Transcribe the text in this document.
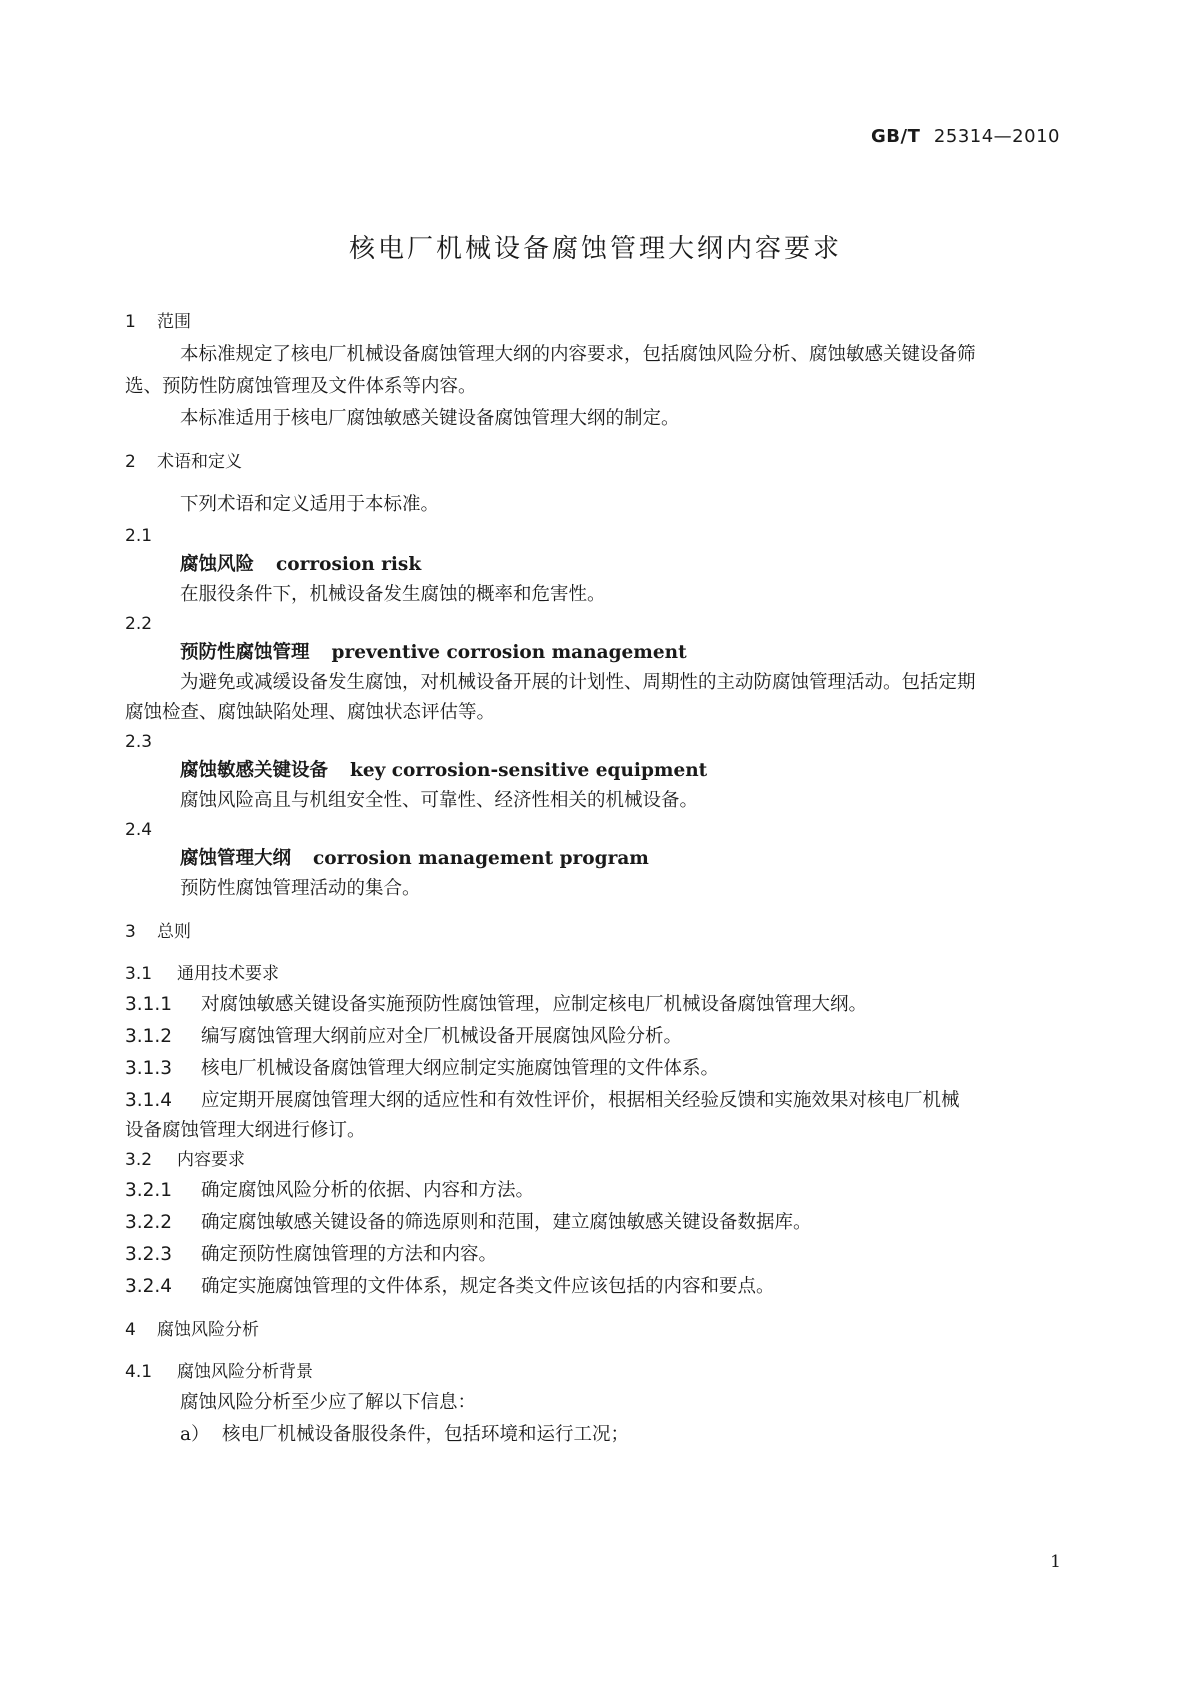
GB/T 25314—2010
核电厂机械设备腐蚀管理大纲内容要求
1 范围
本标准规定了核电厂机械设备腐蚀管理大纲的内容要求，包括腐蚀风险分析、腐蚀敏感关键设备筛
选、预防性防腐蚀管理及文件体系等内容。
本标准适用于核电厂腐蚀敏感关键设备腐蚀管理大纲的制定。
2 术语和定义
下列术语和定义适用于本标准。
2.1
腐蚀风险 corrosion risk
在服役条件下，机械设备发生腐蚀的概率和危害性。
2.2
预防性腐蚀管理 preventive corrosion management
为避免或减缓设备发生腐蚀，对机械设备开展的计划性、周期性的主动防腐蚀管理活动。包括定期
腐蚀检查、腐蚀缺陷处理、腐蚀状态评估等。
2.3
腐蚀敏感关键设备 key corrosion-sensitive equipment
腐蚀风险高且与机组安全性、可靠性、经济性相关的机械设备。
2.4
腐蚀管理大纲 corrosion management program
预防性腐蚀管理活动的集合。
3 总则
3.1 通用技术要求
3.1.1 对腐蚀敏感关键设备实施预防性腐蚀管理，应制定核电厂机械设备腐蚀管理大纲。
3.1.2 编写腐蚀管理大纲前应对全厂机械设备开展腐蚀风险分析。
3.1.3 核电厂机械设备腐蚀管理大纲应制定实施腐蚀管理的文件体系。
3.1.4 应定期开展腐蚀管理大纲的适应性和有效性评价，根据相关经验反馈和实施效果对核电厂机械
设备腐蚀管理大纲进行修订。
3.2 内容要求
3.2.1 确定腐蚀风险分析的依据、内容和方法。
3.2.2 确定腐蚀敏感关键设备的筛选原则和范围，建立腐蚀敏感关键设备数据库。
3.2.3 确定预防性腐蚀管理的方法和内容。
3.2.4 确定实施腐蚀管理的文件体系，规定各类文件应该包括的内容和要点。
4 腐蚀风险分析
4.1 腐蚀风险分析背景
腐蚀风险分析至少应了解以下信息：
a） 核电厂机械设备服役条件，包括环境和运行工况；
1
